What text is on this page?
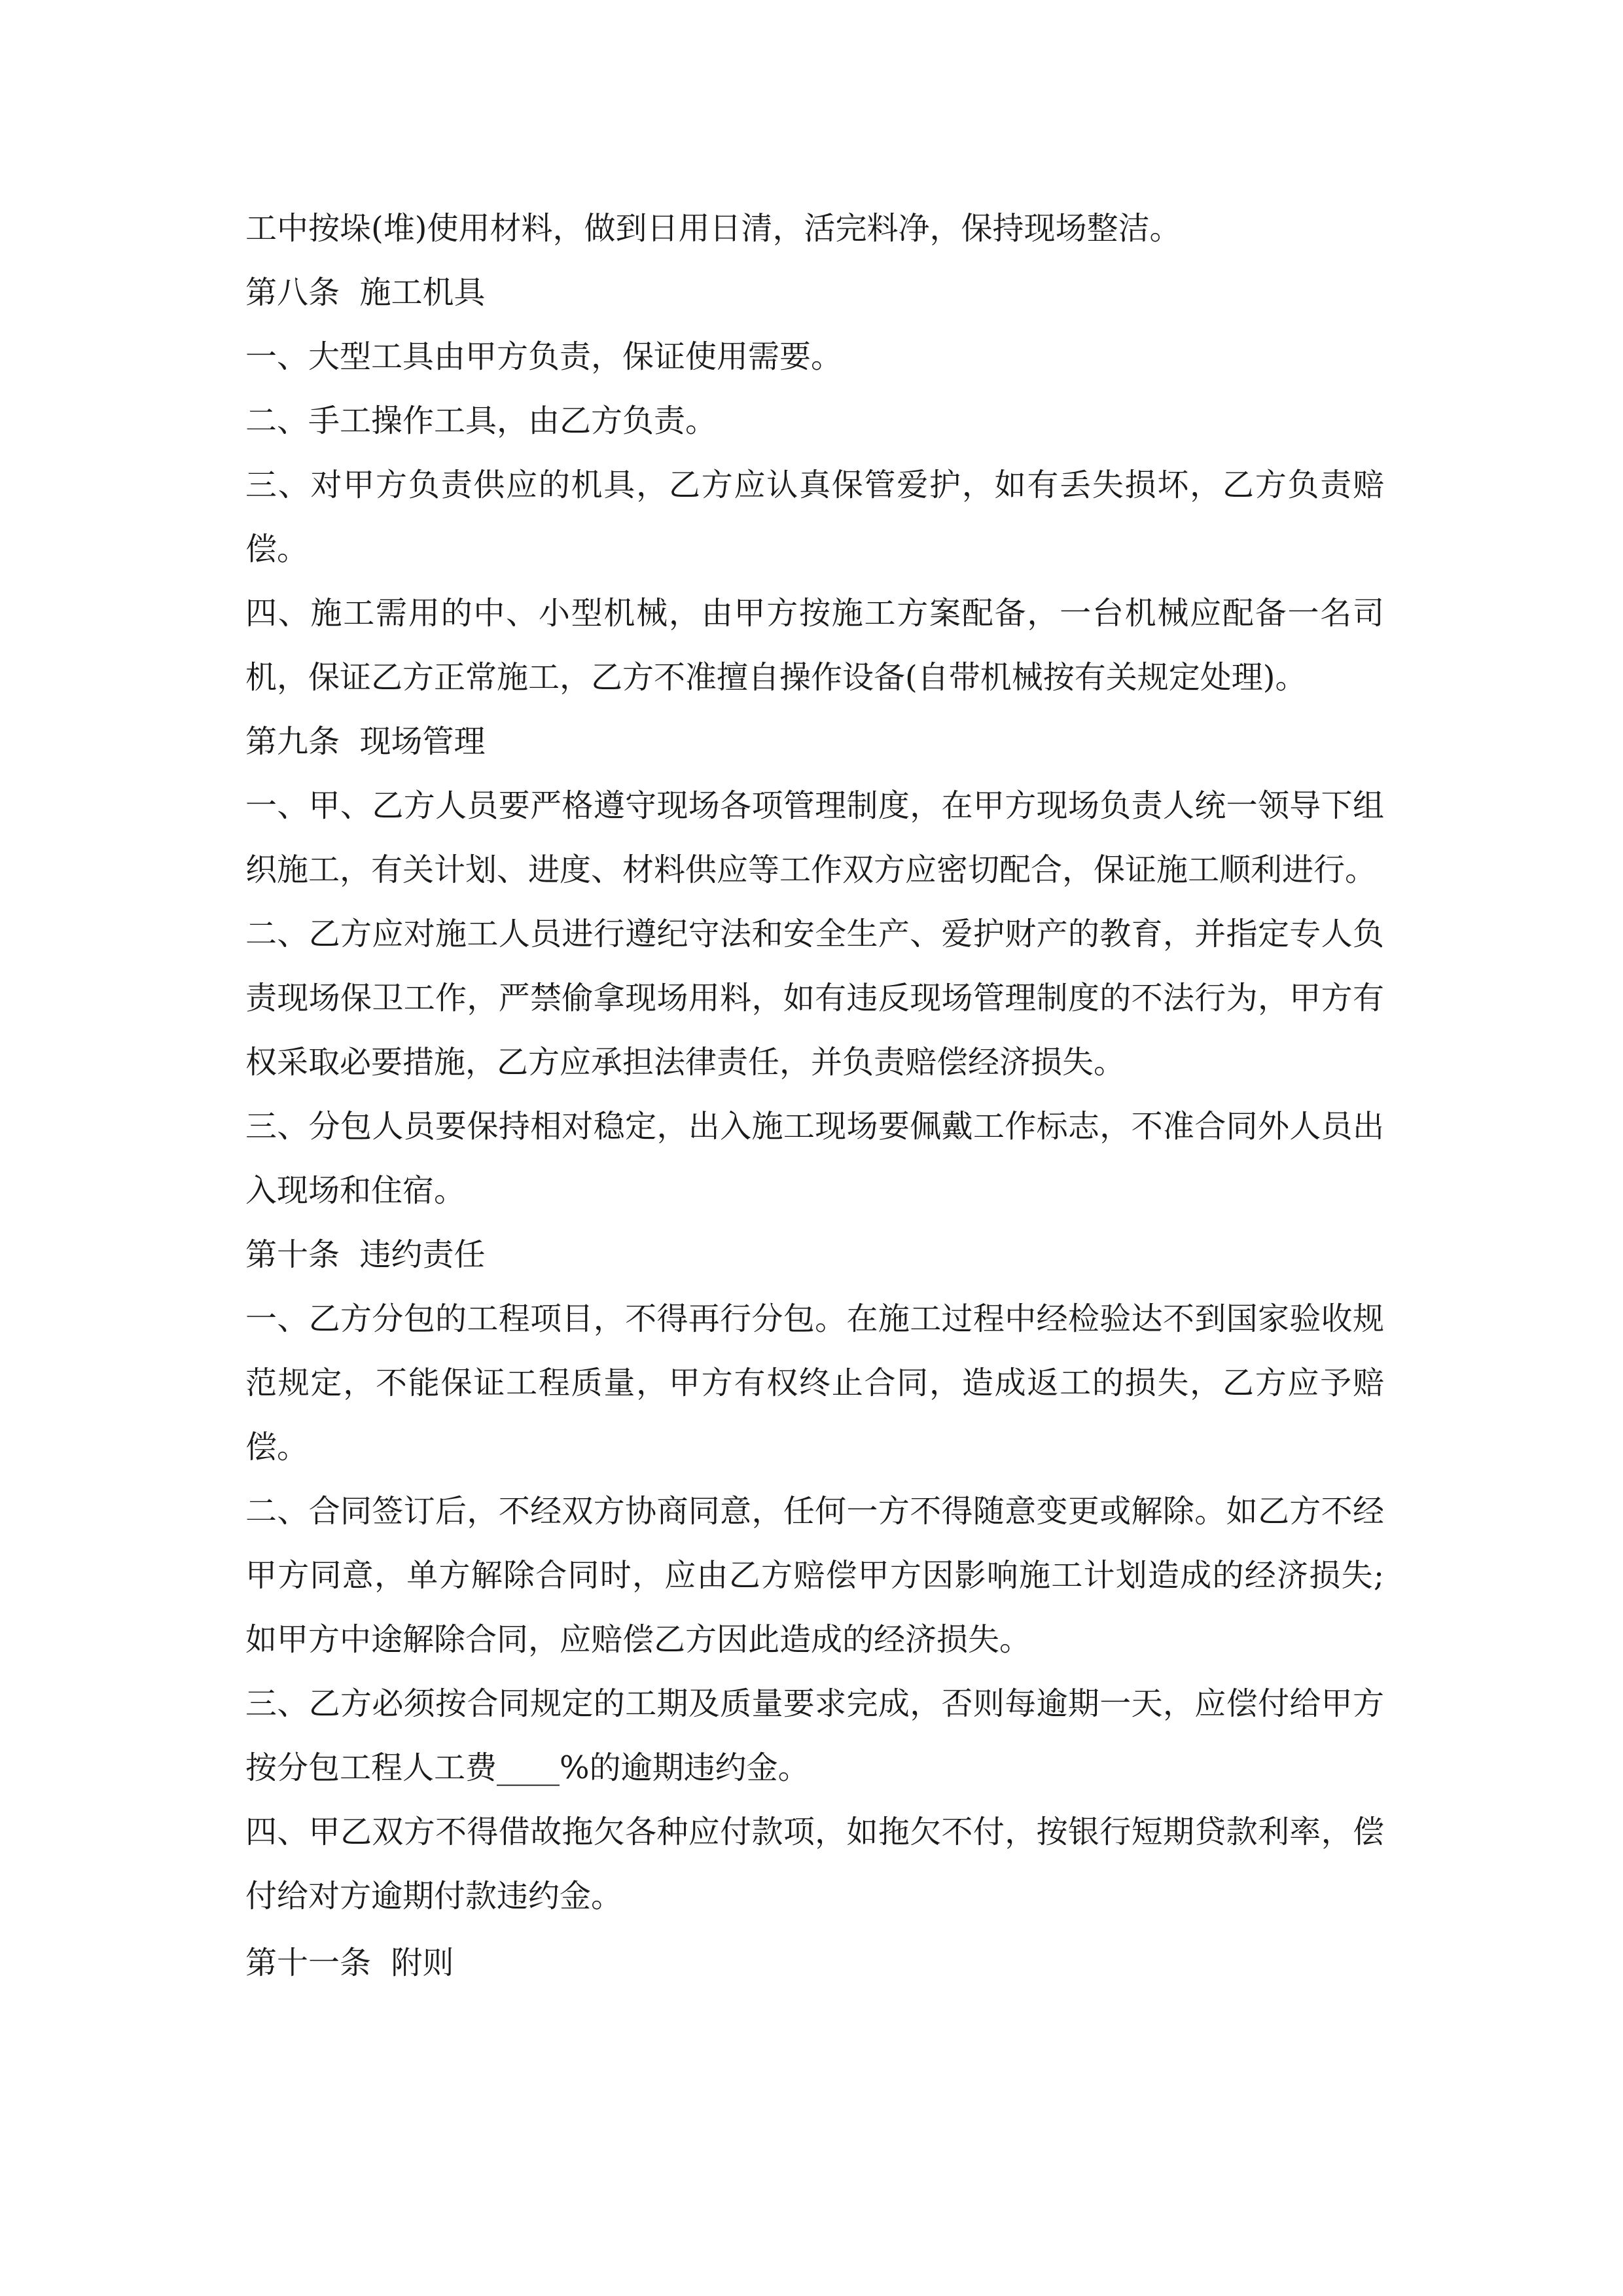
工中按垛(堆)使用材料，做到日用日清，活完料净，保持现场整洁。

第八条  施工机具

一、大型工具由甲方负责，保证使用需要。

二、手工操作工具，由乙方负责。

三、对甲方负责供应的机具，乙方应认真保管爱护，如有丢失损坏，乙方负责赔偿。

四、施工需用的中、小型机械，由甲方按施工方案配备，一台机械应配备一名司机，保证乙方正常施工，乙方不准擅自操作设备(自带机械按有关规定处理)。

第九条  现场管理

一、甲、乙方人员要严格遵守现场各项管理制度，在甲方现场负责人统一领导下组织施工，有关计划、进度、材料供应等工作双方应密切配合，保证施工顺利进行。

二、乙方应对施工人员进行遵纪守法和安全生产、爱护财产的教育，并指定专人负责现场保卫工作，严禁偷拿现场用料，如有违反现场管理制度的不法行为，甲方有权采取必要措施，乙方应承担法律责任，并负责赔偿经济损失。

三、分包人员要保持相对稳定，出入施工现场要佩戴工作标志，不准合同外人员出入现场和住宿。

第十条  违约责任

一、乙方分包的工程项目，不得再行分包。在施工过程中经检验达不到国家验收规范规定，不能保证工程质量，甲方有权终止合同，造成返工的损失，乙方应予赔偿。

二、合同签订后，不经双方协商同意，任何一方不得随意变更或解除。如乙方不经甲方同意，单方解除合同时，应由乙方赔偿甲方因影响施工计划造成的经济损失;如甲方中途解除合同，应赔偿乙方因此造成的经济损失。

三、乙方必须按合同规定的工期及质量要求完成，否则每逾期一天，应偿付给甲方按分包工程人工费____%的逾期违约金。

四、甲乙双方不得借故拖欠各种应付款项，如拖欠不付，按银行短期贷款利率，偿付给对方逾期付款违约金。

第十一条  附则
